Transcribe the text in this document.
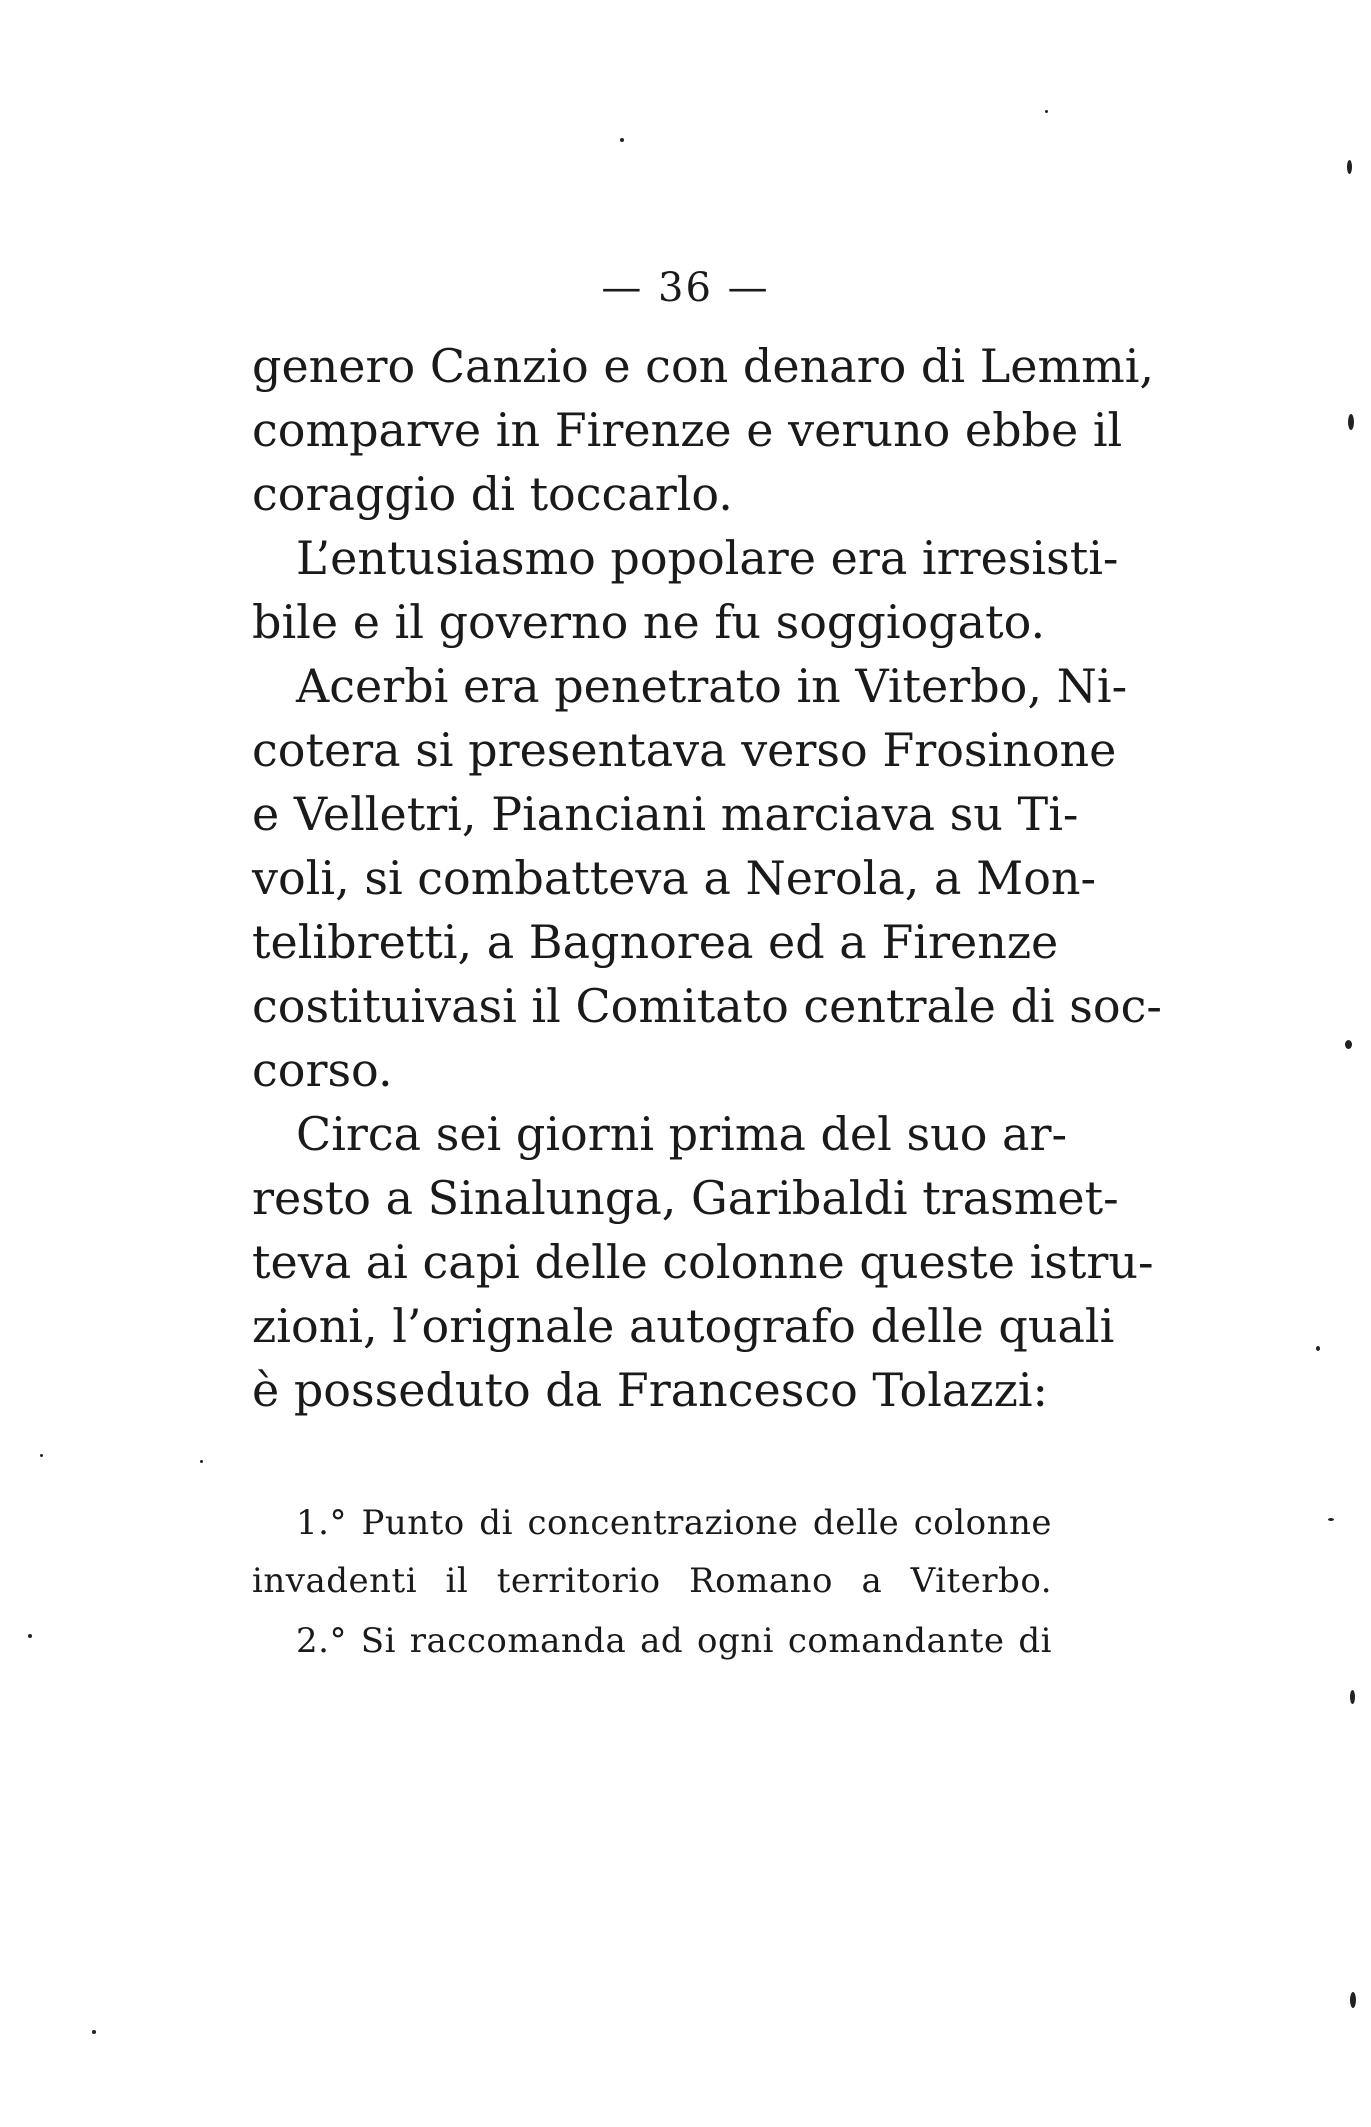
— 36 —
genero Canzio e con denaro di Lemmi,
comparve in Firenze e veruno ebbe il
coraggio di toccarlo.
L’entusiasmo popolare era irresisti-
bile e il governo ne fu soggiogato.
Acerbi era penetrato in Viterbo, Ni-
cotera si presentava verso Frosinone
e Velletri, Pianciani marciava su Ti-
voli, si combatteva a Nerola, a Mon-
telibretti, a Bagnorea ed a Firenze
costituivasi il Comitato centrale di soc-
corso.
Circa sei giorni prima del suo ar-
resto a Sinalunga, Garibaldi trasmet-
teva ai capi delle colonne queste istru-
zioni, l’orignale autografo delle quali
è posseduto da Francesco Tolazzi:
1.° Punto di concentrazione delle colonne
invadenti il territorio Romano a Viterbo.
2.° Si raccomanda ad ogni comandante di
